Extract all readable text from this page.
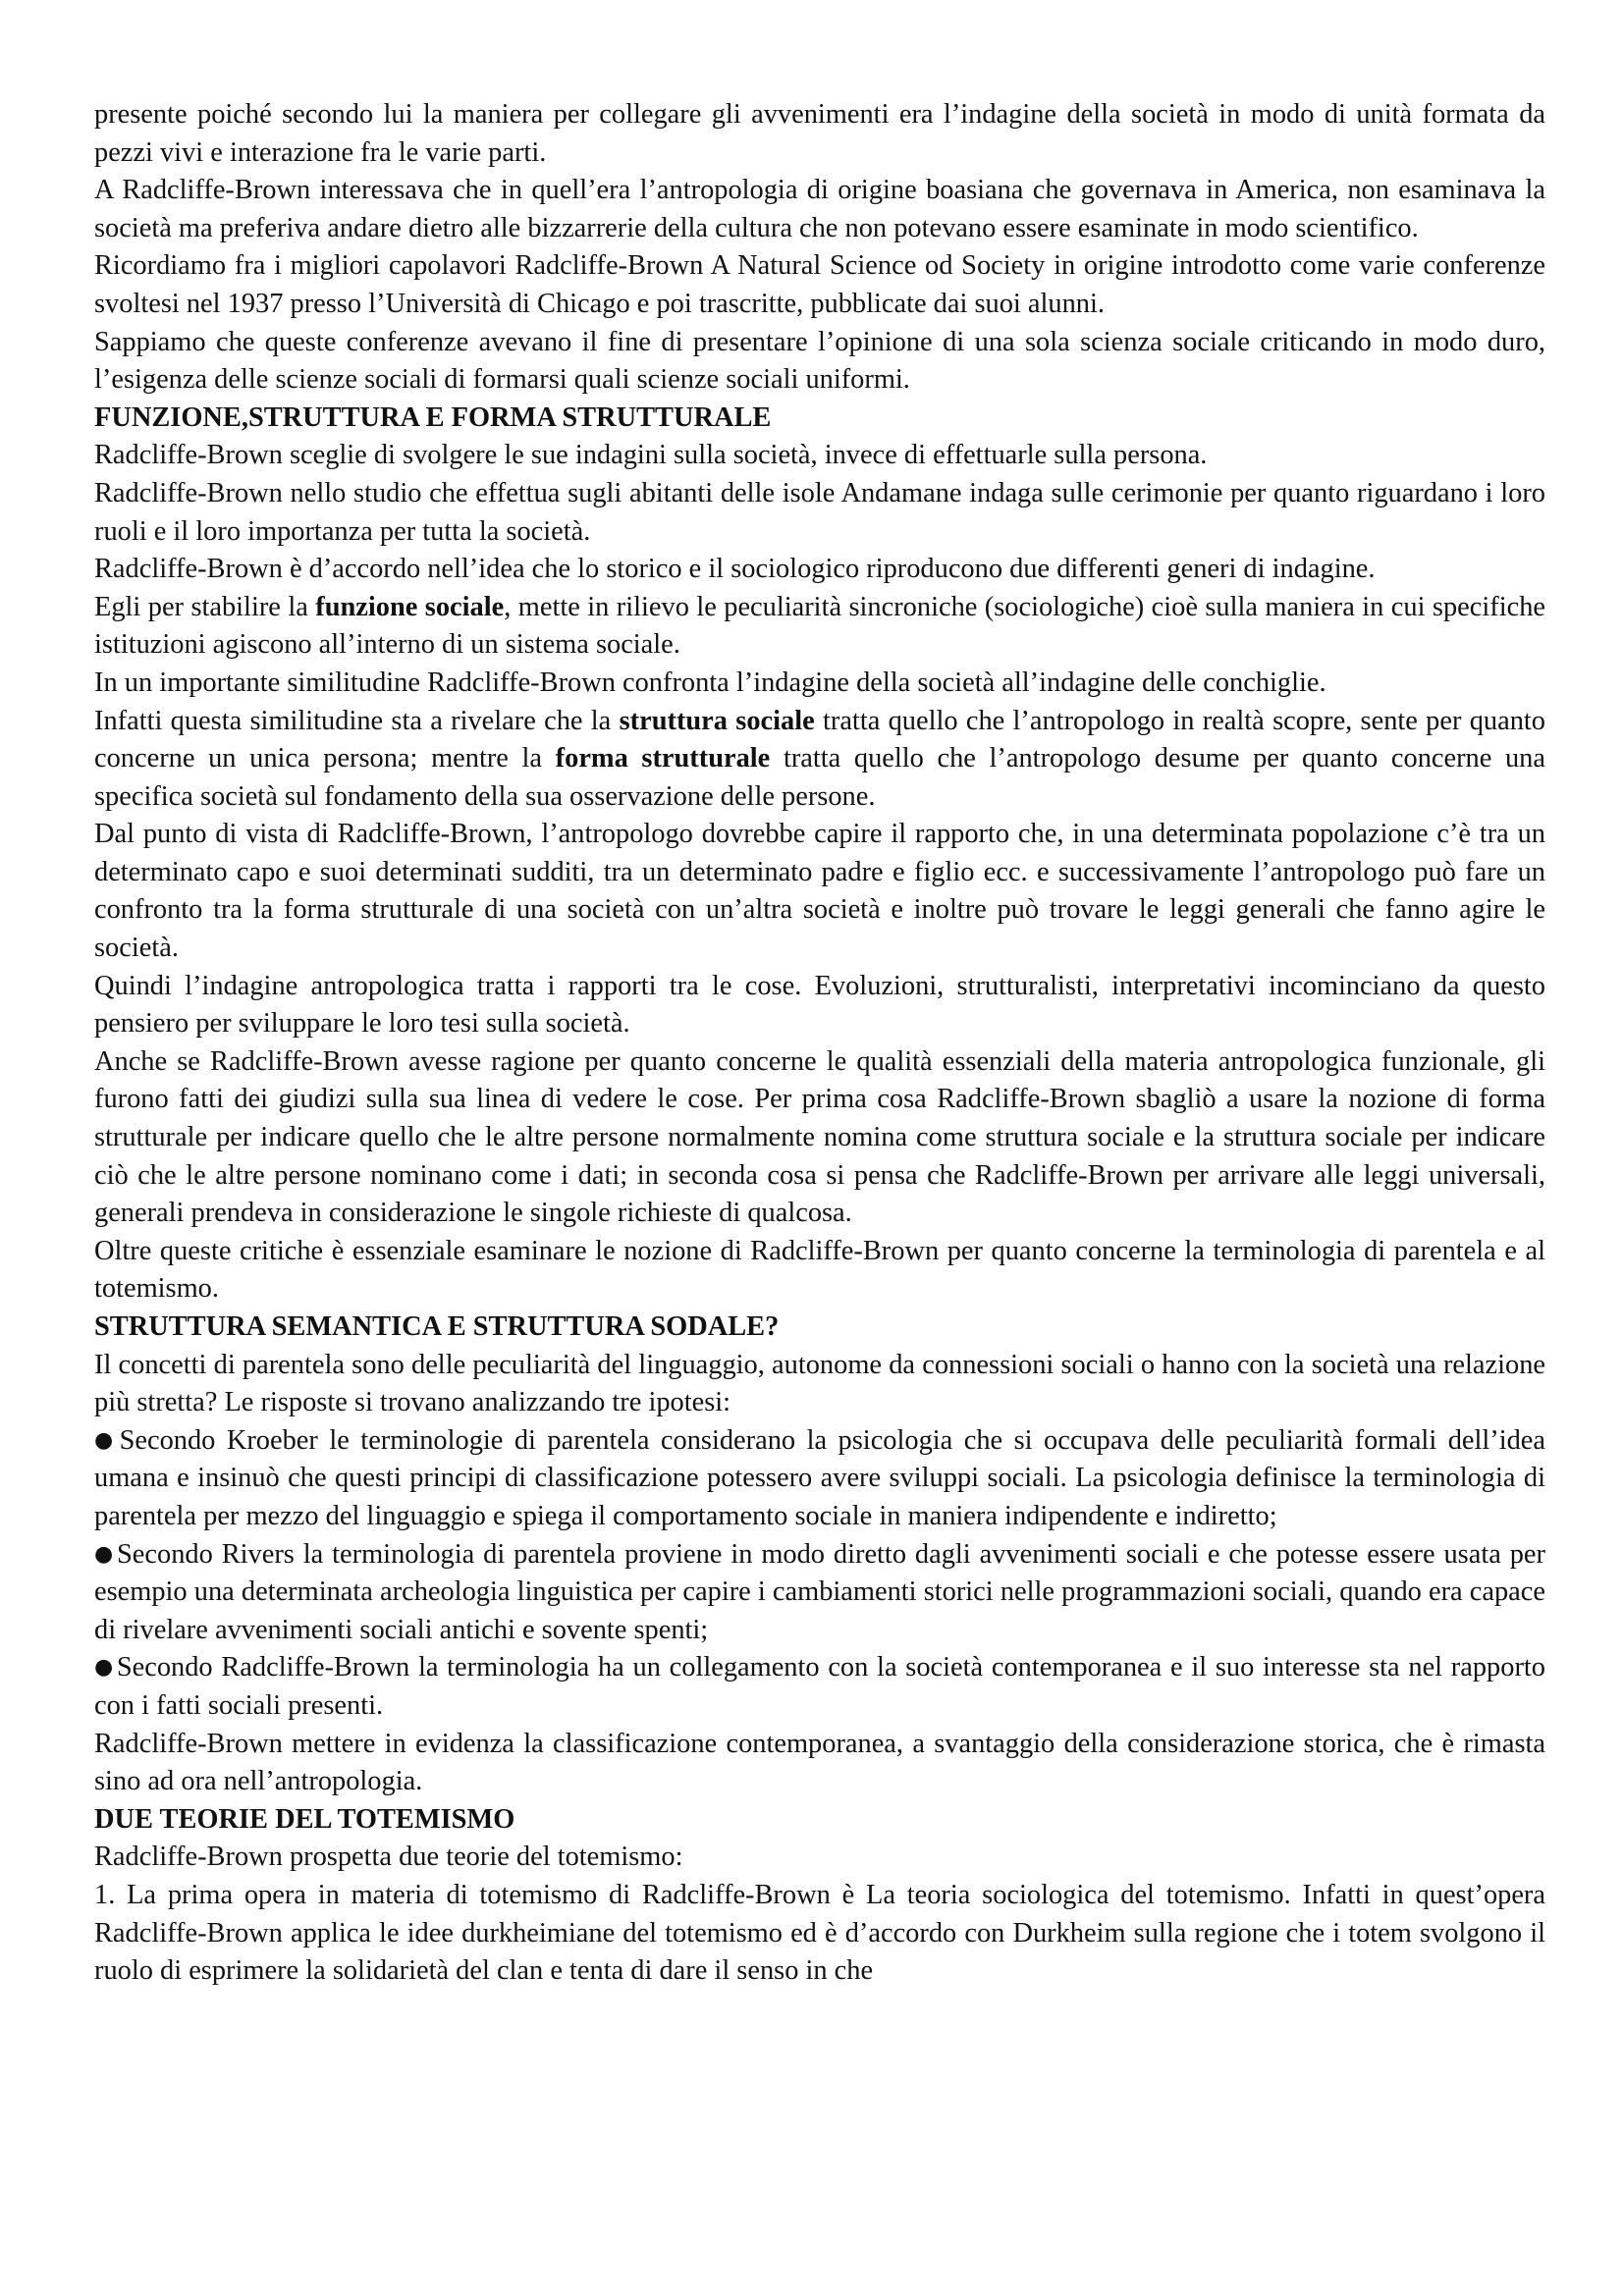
presente poiché secondo lui la maniera per collegare gli avvenimenti era l’indagine della società in modo di unità formata da pezzi vivi e interazione fra le varie parti.

A Radcliffe-Brown interessava che in quell’era l’antropologia di origine boasiana che governava in America, non esaminava la società ma preferiva andare dietro alle bizzarrerie della cultura che non potevano essere esaminate in modo scientifico.

Ricordiamo fra i migliori capolavori Radcliffe-Brown A Natural Science od Society in origine introdotto come varie conferenze svoltesi nel 1937 presso l’Università di Chicago e poi trascritte, pubblicate dai suoi alunni.

Sappiamo che queste conferenze avevano il fine di presentare l’opinione di una sola scienza sociale criticando in modo duro, l’esigenza delle scienze sociali di formarsi quali scienze sociali uniformi.

FUNZIONE,STRUTTURA E FORMA STRUTTURALE

Radcliffe-Brown sceglie di svolgere le sue indagini sulla società, invece di effettuarle sulla persona.

Radcliffe-Brown nello studio che effettua sugli abitanti delle isole Andamane indaga sulle cerimonie per quanto riguardano i loro ruoli e il loro importanza per tutta la società.

Radcliffe-Brown è d’accordo nell’idea che lo storico e il sociologico riproducono due differenti generi di indagine.

Egli per stabilire la funzione sociale, mette in rilievo le peculiarità sincroniche (sociologiche) cioè sulla maniera in cui specifiche istituzioni agiscono all’interno di un sistema sociale.

In un importante similitudine Radcliffe-Brown confronta l’indagine della società all’indagine delle conchiglie.

Infatti questa similitudine sta a rivelare che la struttura sociale tratta quello che l’antropologo in realtà scopre, sente per quanto concerne un unica persona; mentre la forma strutturale tratta quello che l’antropologo desume per quanto concerne una specifica società sul fondamento della sua osservazione delle persone.

Dal punto di vista di Radcliffe-Brown, l’antropologo dovrebbe capire il rapporto che, in una determinata popolazione c’è tra un determinato capo e suoi determinati sudditi, tra un determinato padre e figlio ecc. e successivamente l’antropologo può fare un confronto tra la forma strutturale di una società con un’altra società e inoltre può trovare le leggi generali che fanno agire le società.

Quindi l’indagine antropologica tratta i rapporti tra le cose. Evoluzioni, strutturalisti, interpretativi incominciano da questo pensiero per sviluppare le loro tesi sulla società.

Anche se Radcliffe-Brown avesse ragione per quanto concerne le qualità essenziali della materia antropologica funzionale, gli furono fatti dei giudizi sulla sua linea di vedere le cose. Per prima cosa Radcliffe-Brown sbagliò a usare la nozione di forma strutturale per indicare quello che le altre persone normalmente nomina come struttura sociale e la struttura sociale per indicare ciò che le altre persone nominano come i dati; in seconda cosa si pensa che Radcliffe-Brown per arrivare alle leggi universali, generali prendeva in considerazione le singole richieste di qualcosa.

Oltre queste critiche è essenziale esaminare le nozione di Radcliffe-Brown per quanto concerne la terminologia di parentela e al totemismo.

STRUTTURA SEMANTICA E STRUTTURA SODALE?

Il concetti di parentela sono delle peculiarità del linguaggio, autonome da connessioni sociali o hanno con la società una relazione più stretta? Le risposte si trovano analizzando tre ipotesi:

●Secondo Kroeber le terminologie di parentela considerano la psicologia che si occupava delle peculiarità formali dell’idea umana e insinuò che questi principi di classificazione potessero avere sviluppi sociali. La psicologia definisce la terminologia di parentela per mezzo del linguaggio e spiega il comportamento sociale in maniera indipendente e indiretto;
●Secondo Rivers la terminologia di parentela proviene in modo diretto dagli avvenimenti sociali e che potesse essere usata per esempio una determinata archeologia linguistica per capire i cambiamenti storici nelle programmazioni sociali, quando era capace di rivelare avvenimenti sociali antichi e sovente spenti;
●Secondo Radcliffe-Brown la terminologia ha un collegamento con la società contemporanea e il suo interesse sta nel rapporto con i fatti sociali presenti.

Radcliffe-Brown mettere in evidenza la classificazione contemporanea, a svantaggio della considerazione storica, che è rimasta sino ad ora nell’antropologia.

DUE TEORIE DEL TOTEMISMO

Radcliffe-Brown prospetta due teorie del totemismo:

1. La prima opera in materia di totemismo di Radcliffe-Brown è La teoria sociologica del totemismo. Infatti in quest’opera Radcliffe-Brown applica le idee durkheimiane del totemismo ed è d’accordo con Durkheim sulla regione che i totem svolgono il ruolo di esprimere la solidarietà del clan e tenta di dare il senso in che
